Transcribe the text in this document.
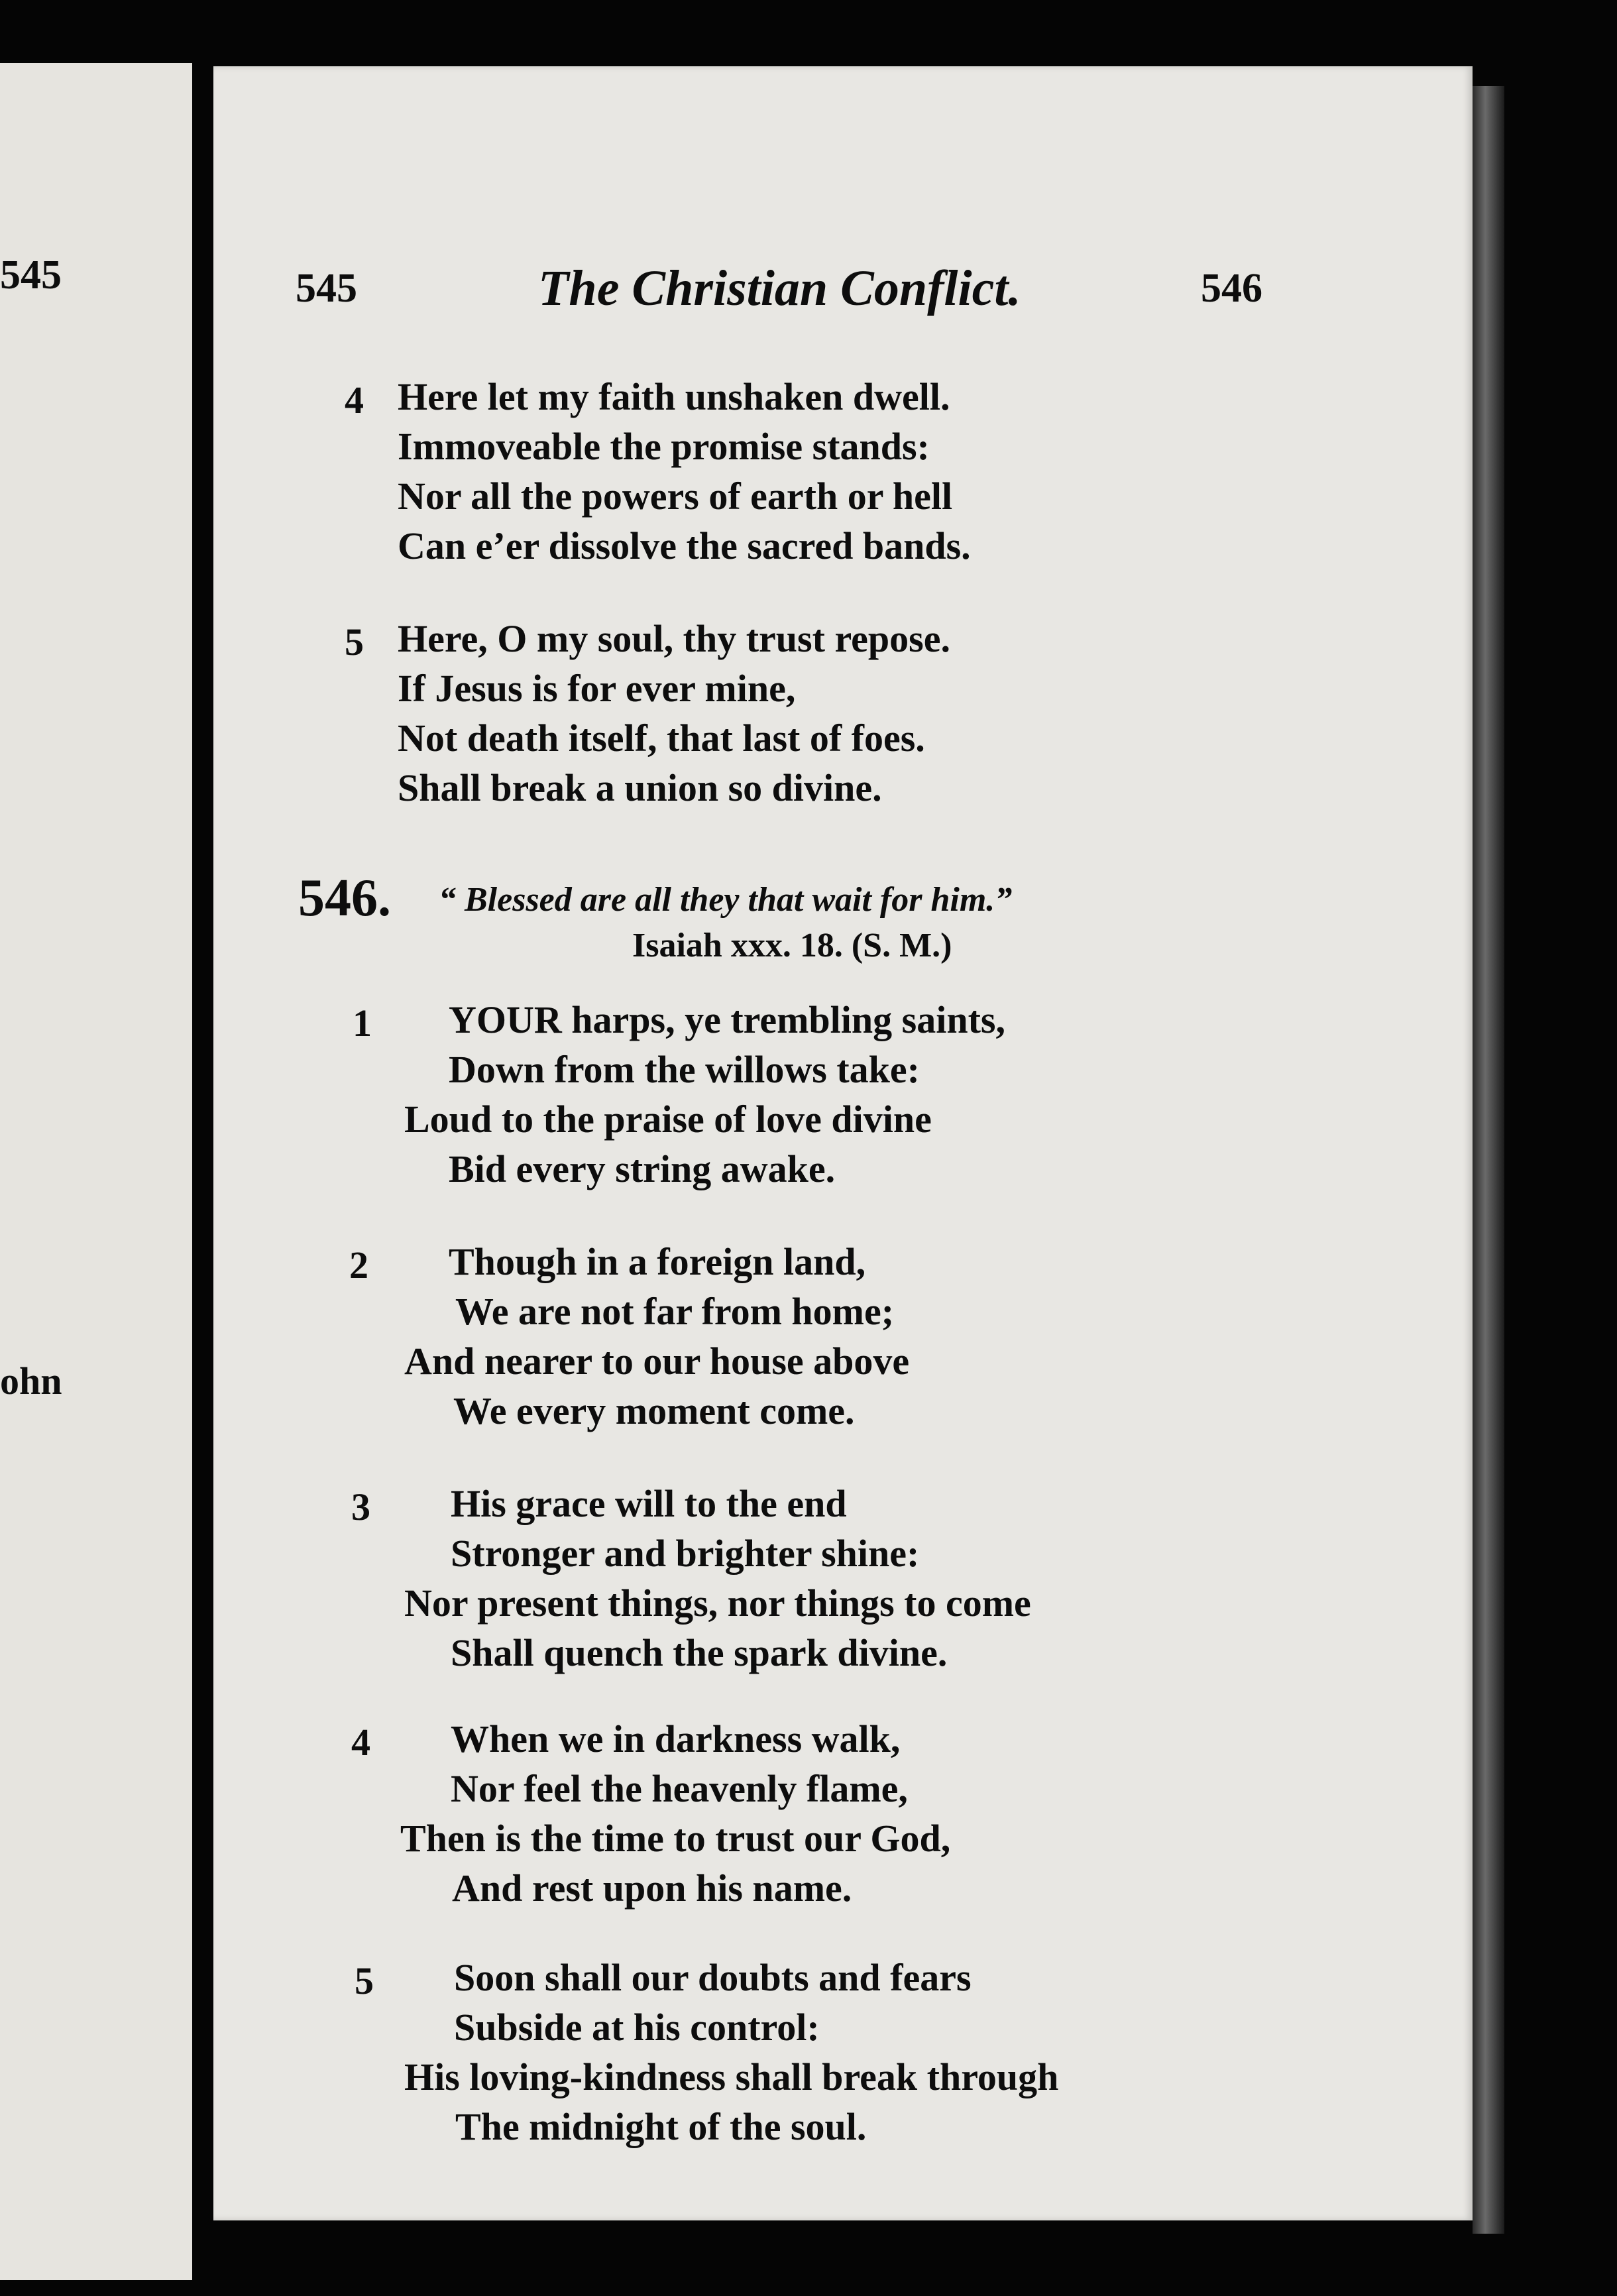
545
ohn
545	The Christian Conflict.	546
4 Here let my faith unshaken dwell.
Immoveable the promise stands:
Nor all the powers of earth or hell
Can e’er dissolve the sacred bands.
5 Here, O my soul, thy trust repose.
If Jesus is for ever mine,
Not death itself, that last of foes.
Shall break a union so divine.
546. “ Blessed are all they that wait for him.”
Isaiah xxx. 18. (S. M.)
1 YOUR harps, ye trembling saints,
Down from the willows take:
Loud to the praise of love divine
Bid every string awake.
2 Though in a foreign land,
We are not far from home;
And nearer to our house above
We every moment come.
3 His grace will to the end
Stronger and brighter shine:
Nor present things, nor things to come
Shall quench the spark divine.
4 When we in darkness walk,
Nor feel the heavenly flame,
Then is the time to trust our God,
And rest upon his name.
5 Soon shall our doubts and fears
Subside at his control:
His loving-kindness shall break through
The midnight of the soul.
